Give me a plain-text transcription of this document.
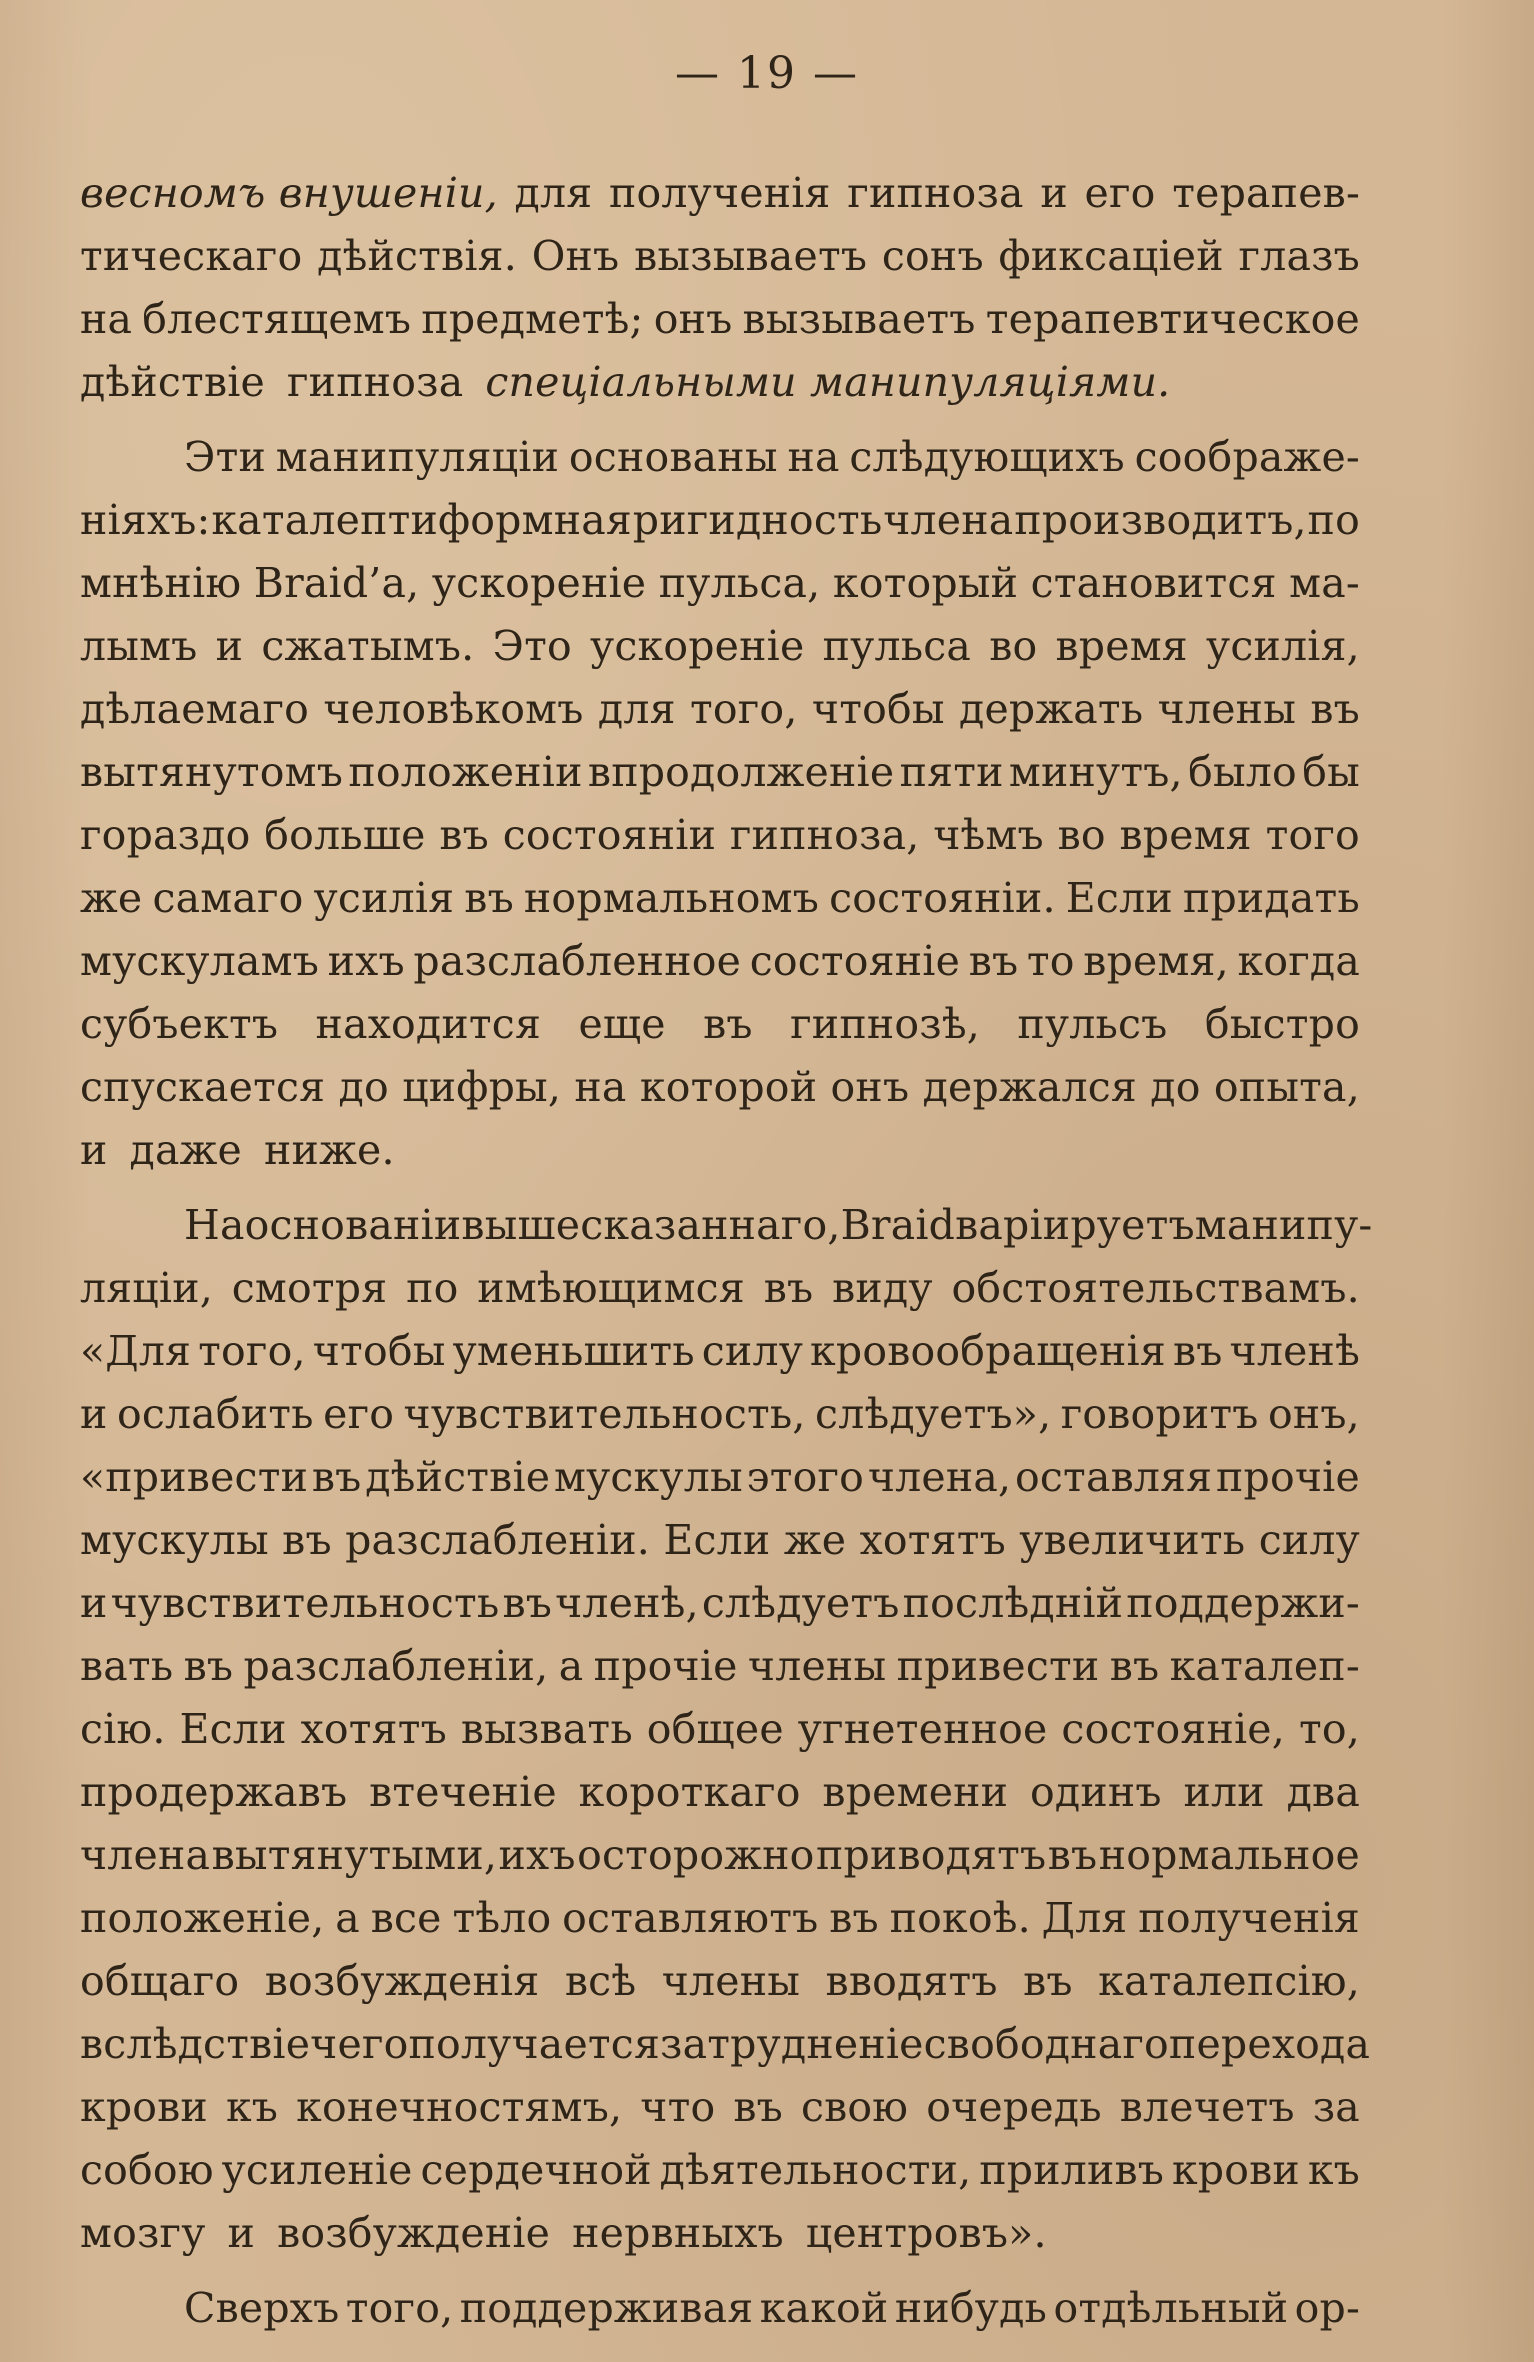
— 19 —
весномъ внушеніи, для полученія гипноза и его терапев-
тическаго дѣйствія. Онъ вызываетъ сонъ фиксаціей глазъ
на блестящемъ предметѣ; онъ вызываетъ терапевтическое
дѣйствіе гипноза спеціальными манипуляціями.
Эти манипуляціи основаны на слѣдующихъ соображе-
ніяхъ: каталептиформная ригидность члена производитъ, по
мнѣнію Braid’a, ускореніе пульса, который становится ма-
лымъ и сжатымъ. Это ускореніе пульса во время усилія,
дѣлаемаго человѣкомъ для того, чтобы держать члены въ
вытянутомъ положеніи впродолженіе пяти минутъ, было бы
гораздо больше въ состояніи гипноза, чѣмъ во время того
же самаго усилія въ нормальномъ состояніи. Если придать
мускуламъ ихъ разслабленное состояніе въ то время, когда
субъектъ находится еще въ гипнозѣ, пульсъ быстро
спускается до цифры, на которой онъ держался до опыта,
и даже ниже.
На основаніи вышесказаннаго, Braid варіируетъ манипу-
ляціи, смотря по имѣющимся въ виду обстоятельствамъ.
«Для того, чтобы уменьшить силу кровообращенія въ членѣ
и ослабить его чувствительность, слѣдуетъ», говоритъ онъ,
«привести въ дѣйствіе мускулы этого члена, оставляя прочіе
мускулы въ разслабленіи. Если же хотятъ увеличить силу
и чувствительность въ членѣ, слѣдуетъ послѣдній поддержи-
вать въ разслабленіи, а прочіе члены привести въ каталеп-
сію. Если хотятъ вызвать общее угнетенное состояніе, то,
продержавъ втеченіе короткаго времени одинъ или два
члена вытянутыми, ихъ осторожно приводятъ въ нормальное
положеніе, а все тѣло оставляютъ въ покоѣ. Для полученія
общаго возбужденія всѣ члены вводятъ въ каталепсію,
вслѣдствіе чего получается затрудненіе свободнаго перехода
крови къ конечностямъ, что въ свою очередь влечетъ за
собою усиленіе сердечной дѣятельности, приливъ крови къ
мозгу и возбужденіе нервныхъ центровъ».
Сверхъ того, поддерживая какой нибудь отдѣльный ор-
